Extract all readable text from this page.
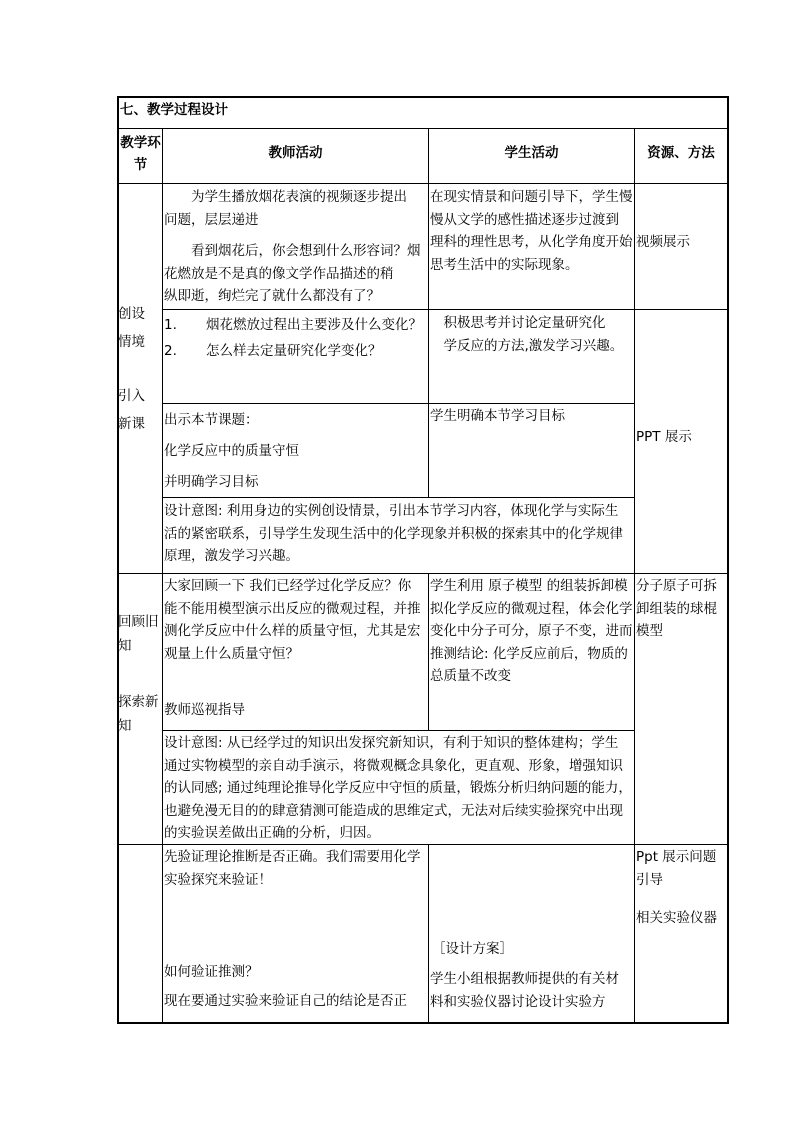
七、教学过程设计
教学环
节
教师活动	学生活动	资源、方法

创设

情境

引入

新课

　　为学生播放烟花表演的视频逐步提出

问题，层层递进

　　看到烟花后，你会想到什么形容词？烟

花燃放是不是真的像文学作品描述的稍

纵即逝，绚烂完了就什么都没有了？

在现实情景和问题引导下，学生慢

慢从文学的感性描述逐步过渡到

理科的理性思考，从化学角度开始

思考生活中的实际现象。

视频展示

1. 烟花燃放过程出主要涉及什么变化？

2. 怎么样去定量研究化学变化？

　积极思考并讨论定量研究化

　学反应的方法,激发学习兴趣。

出示本节课题：

化学反应中的质量守恒

并明确学习目标

学生明确本节学习目标
PPT 展示

设计意图: 利用身边的实例创设情景，引出本节学习内容，体现化学与实际生

活的紧密联系，引导学生发现生活中的化学现象并积极的探索其中的化学规律

原理，激发学习兴趣。

回顾旧

知

探索新

知

大家回顾一下 我们已经学过化学反应？你

能不能用模型演示出反应的微观过程，并推

测化学反应中什么样的质量守恒，尤其是宏

观量上什么质量守恒？

教师巡视指导

学生利用 原子模型 的组装拆卸模

拟化学反应的微观过程，体会化学

变化中分子可分，原子不变，进而

推测结论: 化学反应前后，物质的

总质量不改变

分子原子可拆

卸组装的球棍

模型

设计意图: 从已经学过的知识出发探究新知识，有利于知识的整体建构；学生

通过实物模型的亲自动手演示，将微观概念具象化，更直观、形象，增强知识

的认同感; 通过纯理论推导化学反应中守恒的质量，锻炼分析归纳问题的能力，

也避免漫无目的的肆意猜测可能造成的思维定式，无法对后续实验探究中出现

的实验误差做出正确的分析，归因。

先验证理论推断是否正确。我们需要用化学

实验探究来验证！

如何验证推测？

现在要通过实验来验证自己的结论是否正

［设计方案］

学生小组根据教师提供的有关材

料和实验仪器讨论设计实验方

Ppt 展示问题

引导

相关实验仪器
